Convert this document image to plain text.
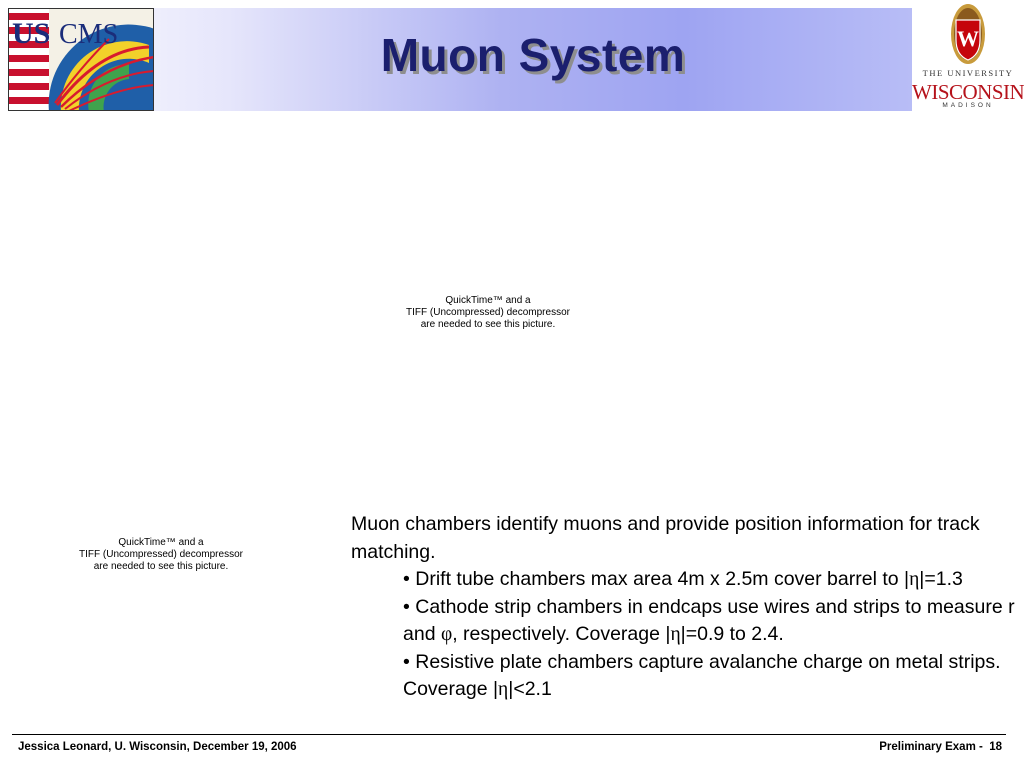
US CMS	Muon System	W
THE UNIVERSITY
WISCONSIN
MADISON
QuickTime™ and a
TIFF (Uncompressed) decompressor
are needed to see this picture.
QuickTime™ and a
TIFF (Uncompressed) decompressor
are needed to see this picture.
Muon chambers identify muons and provide position information for track matching.
• Drift tube chambers max area 4m x 2.5m cover barrel to |η|=1.3
• Cathode strip chambers in endcaps use wires and strips to measure r and φ, respectively. Coverage |η|=0.9 to 2.4.
• Resistive plate chambers capture avalanche charge on metal strips. Coverage |η|<2.1
Jessica Leonard, U. Wisconsin, December 19, 2006	Preliminary Exam -  18
